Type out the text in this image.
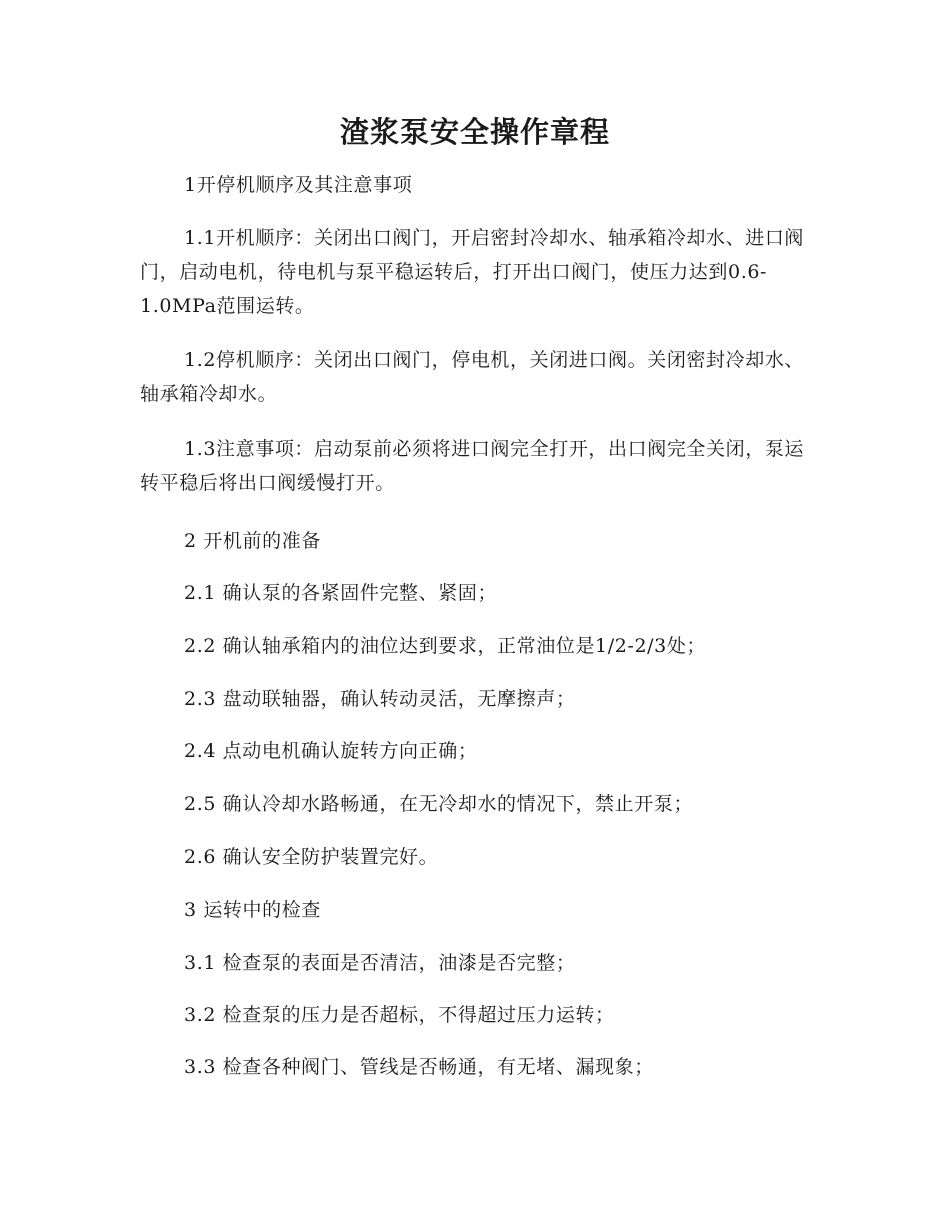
渣浆泵安全操作章程

1开停机顺序及其注意事项

1.1开机顺序：关闭出口阀门，开启密封冷却水、轴承箱冷却水、进口阀门，启动电机，待电机与泵平稳运转后，打开出口阀门，使压力达到0.6-1.0MPa范围运转。

1.2停机顺序：关闭出口阀门，停电机，关闭进口阀。关闭密封冷却水、轴承箱冷却水。

1.3注意事项：启动泵前必须将进口阀完全打开，出口阀完全关闭，泵运转平稳后将出口阀缓慢打开。

2 开机前的准备

2.1 确认泵的各紧固件完整、紧固；

2.2 确认轴承箱内的油位达到要求，正常油位是1/2-2/3处；

2.3 盘动联轴器，确认转动灵活，无摩擦声；

2.4 点动电机确认旋转方向正确；

2.5 确认冷却水路畅通，在无冷却水的情况下，禁止开泵；

2.6 确认安全防护装置完好。

3 运转中的检查

3.1 检查泵的表面是否清洁，油漆是否完整；

3.2 检查泵的压力是否超标，不得超过压力运转；

3.3 检查各种阀门、管线是否畅通，有无堵、漏现象；
